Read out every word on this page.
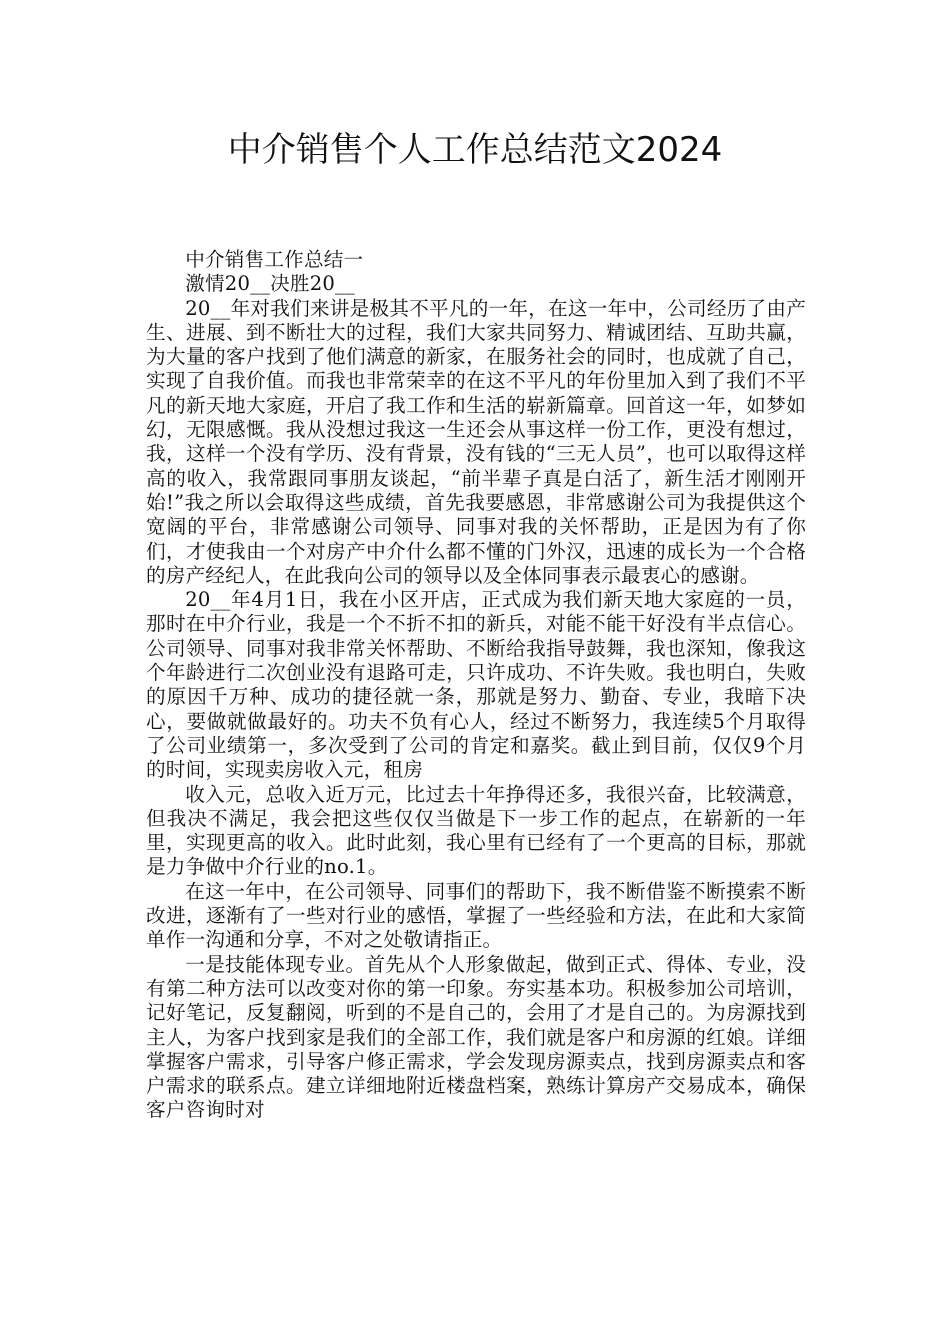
中介销售个人工作总结范文2024

中介销售工作总结一

激情20__决胜20__

20__年对我们来讲是极其不平凡的一年，在这一年中，公司经历了由产生、进展、到不断壮大的过程，我们大家共同努力、精诚团结、互助共赢，为大量的客户找到了他们满意的新家，在服务社会的同时，也成就了自己，实现了自我价值。而我也非常荣幸的在这不平凡的年份里加入到了我们不平凡的新天地大家庭，开启了我工作和生活的崭新篇章。回首这一年，如梦如幻，无限感慨。我从没想过我这一生还会从事这样一份工作，更没有想过，我，这样一个没有学历、没有背景，没有钱的“三无人员”，也可以取得这样高的收入，我常跟同事朋友谈起，“前半辈子真是白活了，新生活才刚刚开始!”我之所以会取得这些成绩，首先我要感恩，非常感谢公司为我提供这个宽阔的平台，非常感谢公司领导、同事对我的关怀帮助，正是因为有了你们，才使我由一个对房产中介什么都不懂的门外汉，迅速的成长为一个合格的房产经纪人，在此我向公司的领导以及全体同事表示最衷心的感谢。

20__年4月1日，我在小区开店，正式成为我们新天地大家庭的一员，那时在中介行业，我是一个不折不扣的新兵，对能不能干好没有半点信心。公司领导、同事对我非常关怀帮助、不断给我指导鼓舞，我也深知，像我这个年龄进行二次创业没有退路可走，只许成功、不许失败。我也明白，失败的原因千万种、成功的捷径就一条，那就是努力、勤奋、专业，我暗下决心，要做就做最好的。功夫不负有心人，经过不断努力，我连续5个月取得了公司业绩第一，多次受到了公司的肯定和嘉奖。截止到目前，仅仅9个月的时间，实现卖房收入元，租房

收入元，总收入近万元，比过去十年挣得还多，我很兴奋，比较满意，但我决不满足，我会把这些仅仅当做是下一步工作的起点，在崭新的一年里，实现更高的收入。此时此刻，我心里有已经有了一个更高的目标，那就是力争做中介行业的no.1。

在这一年中，在公司领导、同事们的帮助下，我不断借鉴不断摸索不断改进，逐渐有了一些对行业的感悟，掌握了一些经验和方法，在此和大家简单作一沟通和分享，不对之处敬请指正。

一是技能体现专业。首先从个人形象做起，做到正式、得体、专业，没有第二种方法可以改变对你的第一印象。夯实基本功。积极参加公司培训，记好笔记，反复翻阅，听到的不是自己的，会用了才是自己的。为房源找到主人，为客户找到家是我们的全部工作，我们就是客户和房源的红娘。详细掌握客户需求，引导客户修正需求，学会发现房源卖点，找到房源卖点和客户需求的联系点。建立详细地附近楼盘档案，熟练计算房产交易成本，确保客户咨询时对
